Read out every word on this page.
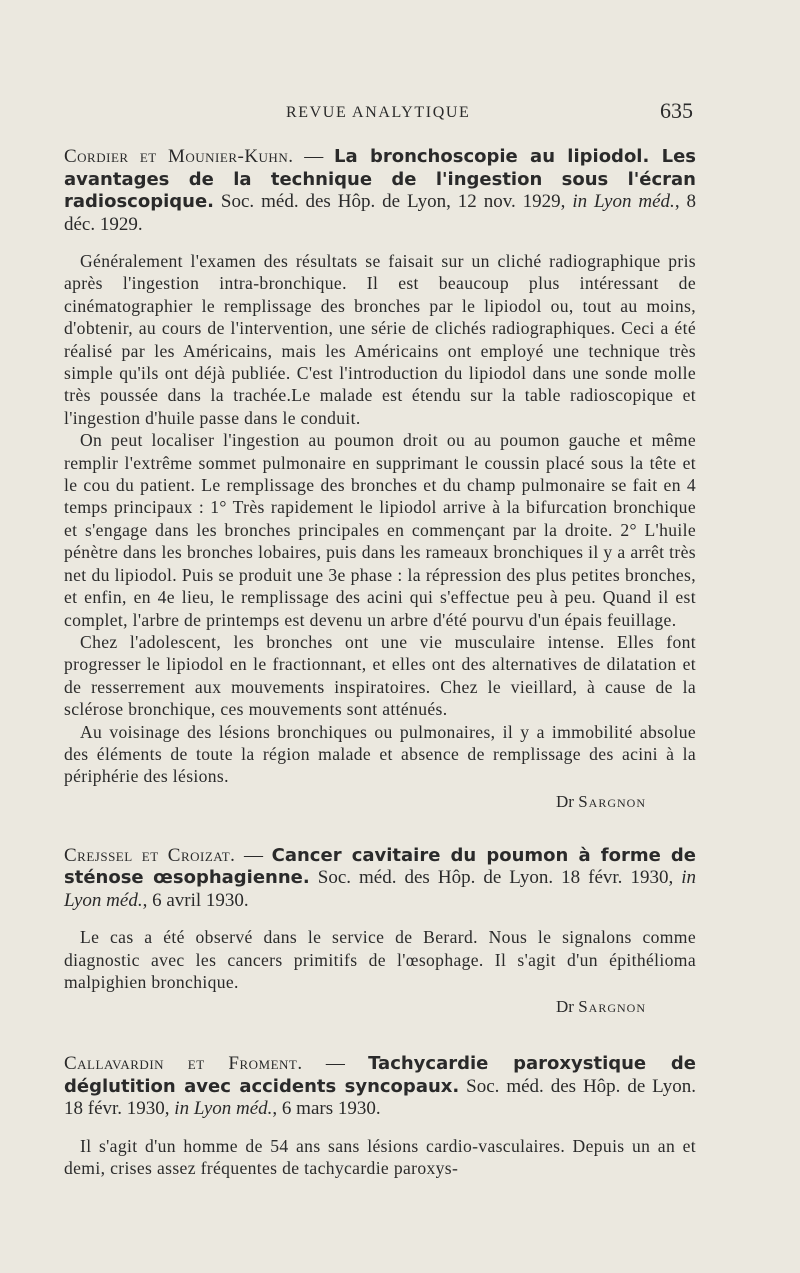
REVUE ANALYTIQUE	635

Cordier et Mounier-Kuhn. — La bronchoscopie au lipiodol. Les avantages de la technique de l'ingestion sous l'écran radioscopique. Soc. méd. des Hôp. de Lyon, 12 nov. 1929, in Lyon méd., 8 déc. 1929.

Généralement l'examen des résultats se faisait sur un cliché radiographique pris après l'ingestion intra-bronchique. Il est beaucoup plus intéressant de cinématographier le remplissage des bronches par le lipiodol ou, tout au moins, d'obtenir, au cours de l'intervention, une série de clichés radiographiques. Ceci a été réalisé par les Américains, mais les Américains ont employé une technique très simple qu'ils ont déjà publiée. C'est l'introduction du lipiodol dans une sonde molle très poussée dans la trachée.Le malade est étendu sur la table radioscopique et l'ingestion d'huile passe dans le conduit.

On peut localiser l'ingestion au poumon droit ou au poumon gauche et même remplir l'extrême sommet pulmonaire en supprimant le coussin placé sous la tête et le cou du patient. Le remplissage des bronches et du champ pulmonaire se fait en 4 temps principaux : 1° Très rapidement le lipiodol arrive à la bifurcation bronchique et s'engage dans les bronches principales en commençant par la droite. 2° L'huile pénètre dans les bronches lobaires, puis dans les rameaux bronchiques il y a arrêt très net du lipiodol. Puis se produit une 3e phase : la répression des plus petites bronches, et enfin, en 4e lieu, le remplissage des acini qui s'effectue peu à peu. Quand il est complet, l'arbre de printemps est devenu un arbre d'été pourvu d'un épais feuillage.

Chez l'adolescent, les bronches ont une vie musculaire intense. Elles font progresser le lipiodol en le fractionnant, et elles ont des alternatives de dilatation et de resserrement aux mouvements inspiratoires. Chez le vieillard, à cause de la sclérose bronchique, ces mouvements sont atténués.

Au voisinage des lésions bronchiques ou pulmonaires, il y a immobilité absolue des éléments de toute la région malade et absence de remplissage des acini à la périphérie des lésions.

Dr Sargnon

Crejssel et Croizat. — Cancer cavitaire du poumon à forme de sténose œsophagienne. Soc. méd. des Hôp. de Lyon. 18 févr. 1930, in Lyon méd., 6 avril 1930.

Le cas a été observé dans le service de Berard. Nous le signalons comme diagnostic avec les cancers primitifs de l'œsophage. Il s'agit d'un épithélioma malpighien bronchique.

Dr Sargnon

Callavardin et Froment. — Tachycardie paroxystique de déglutition avec accidents syncopaux. Soc. méd. des Hôp. de Lyon. 18 févr. 1930, in Lyon méd., 6 mars 1930.

Il s'agit d'un homme de 54 ans sans lésions cardio-vasculaires. Depuis un an et demi, crises assez fréquentes de tachycardie paroxys-
